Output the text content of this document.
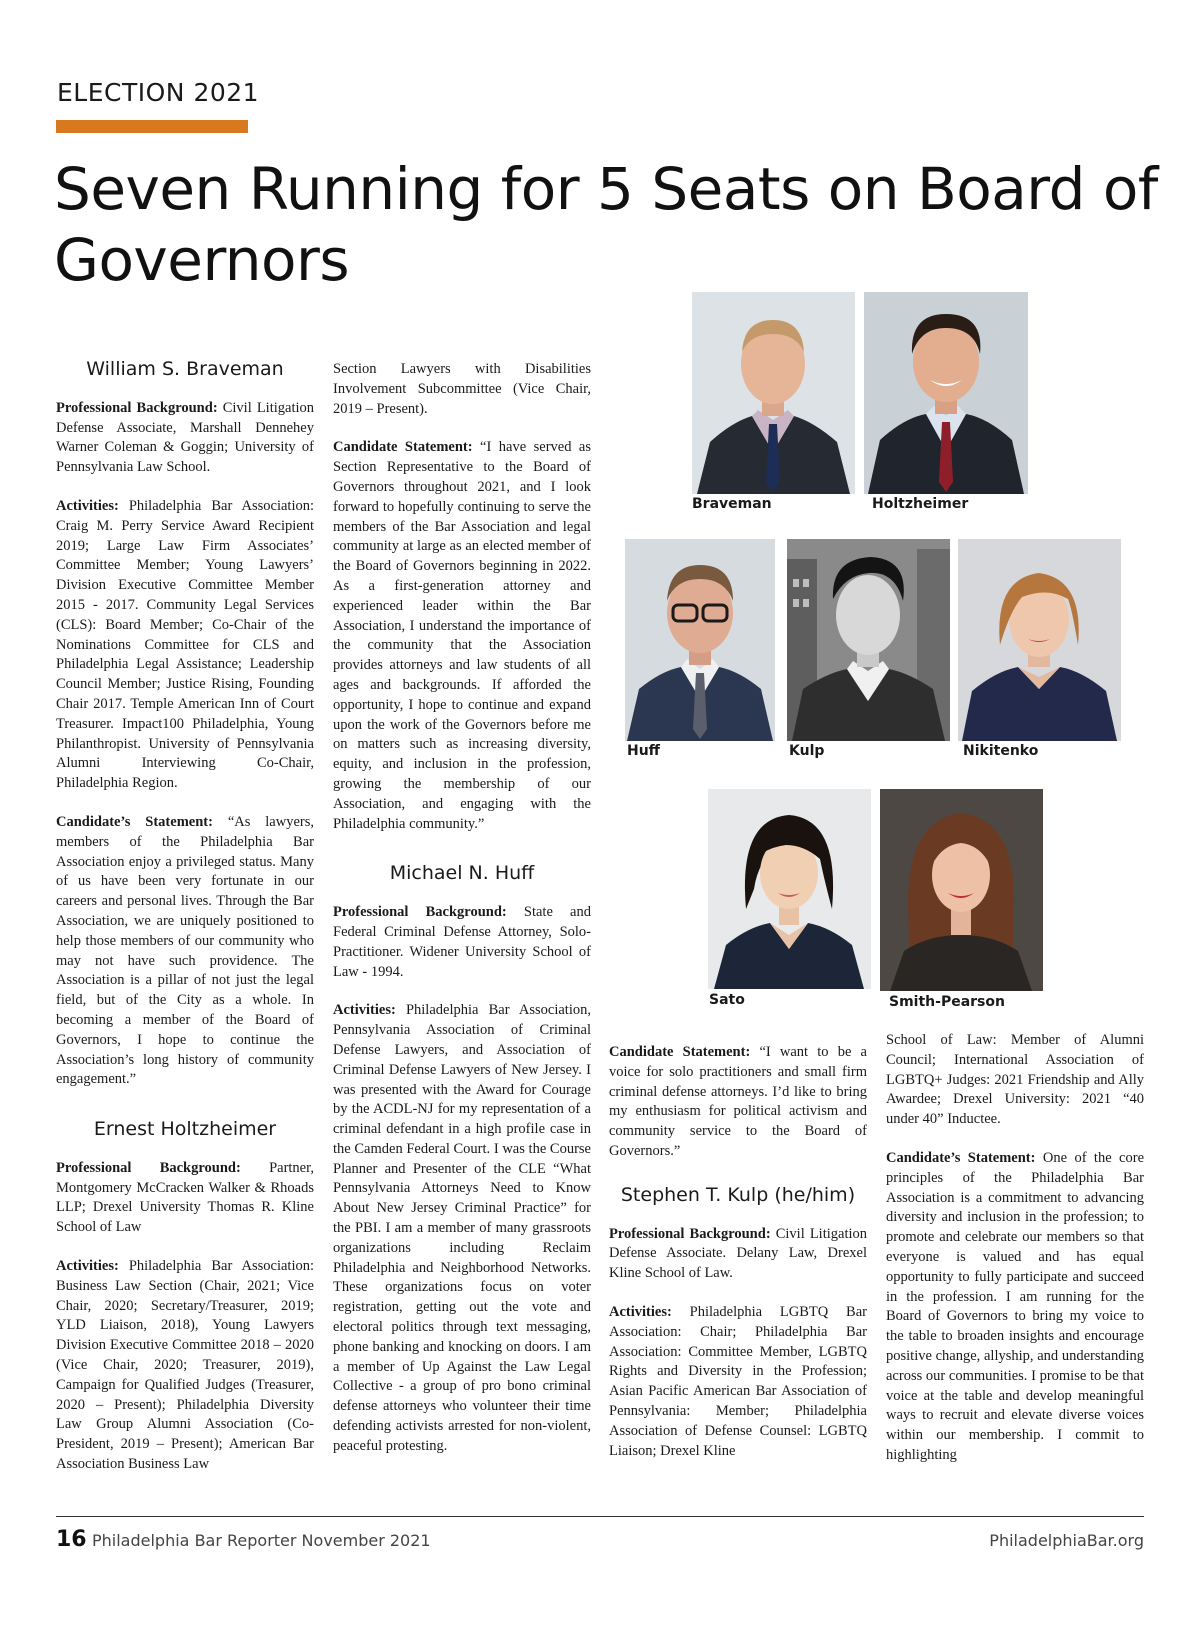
ELECTION 2021
Seven Running for 5 Seats on Board of Governors
William S. Braveman

Professional Background: Civil Litigation Defense Associate, Marshall Dennehey Warner Coleman & Goggin; University of Pennsylvania Law School.

Activities: Philadelphia Bar Association: Craig M. Perry Service Award Recipient 2019; Large Law Firm Associates’ Committee Member; Young Lawyers’ Division Executive Committee Member 2015 - 2017. Community Legal Services (CLS): Board Member; Co-Chair of the Nominations Committee for CLS and Philadelphia Legal Assistance; Leadership Council Member; Justice Rising, Founding Chair 2017. Temple American Inn of Court Treasurer. Impact100 Philadelphia, Young Philanthropist. University of Pennsylvania Alumni Interviewing Co-Chair, Philadelphia Region.

Candidate’s Statement: “As lawyers, members of the Philadelphia Bar Association enjoy a privileged status. Many of us have been very fortunate in our careers and personal lives. Through the Bar Association, we are uniquely positioned to help those members of our community who may not have such providence. The Association is a pillar of not just the legal field, but of the City as a whole. In becoming a member of the Board of Governors, I hope to continue the Association’s long history of community engagement.”

Ernest Holtzheimer

Professional Background: Partner, Montgomery McCracken Walker & Rhoads LLP; Drexel University Thomas R. Kline School of Law

Activities: Philadelphia Bar Association: Business Law Section (Chair, 2021; Vice Chair, 2020; Secretary/Treasurer, 2019; YLD Liaison, 2018), Young Lawyers Division Executive Committee 2018 – 2020 (Vice Chair, 2020; Treasurer, 2019), Campaign for Qualified Judges (Treasurer, 2020 – Present); Philadelphia Diversity Law Group Alumni Association (Co-President, 2019 – Present); American Bar Association Business Law

Section Lawyers with Disabilities Involvement Subcommittee (Vice Chair, 2019 – Present).

Candidate Statement: “I have served as Section Representative to the Board of Governors throughout 2021, and I look forward to hopefully continuing to serve the members of the Bar Association and legal community at large as an elected member of the Board of Governors beginning in 2022. As a first-generation attorney and experienced leader within the Bar Association, I understand the importance of the community that the Association provides attorneys and law students of all ages and backgrounds. If afforded the opportunity, I hope to continue and expand upon the work of the Governors before me on matters such as increasing diversity, equity, and inclusion in the profession, growing the membership of our Association, and engaging with the Philadelphia community.”

Michael N. Huff

Professional Background: State and Federal Criminal Defense Attorney, Solo-Practitioner. Widener University School of Law - 1994.

Activities: Philadelphia Bar Association, Pennsylvania Association of Criminal Defense Lawyers, and Association of Criminal Defense Lawyers of New Jersey. I was presented with the Award for Courage by the ACDL-NJ for my representation of a criminal defendant in a high profile case in the Camden Federal Court. I was the Course Planner and Presenter of the CLE “What Pennsylvania Attorneys Need to Know About New Jersey Criminal Practice” for the PBI. I am a member of many grassroots organizations including Reclaim Philadelphia and Neighborhood Networks. These organizations focus on voter registration, getting out the vote and electoral politics through text messaging, phone banking and knocking on doors. I am a member of Up Against the Law Legal Collective - a group of pro bono criminal defense attorneys who volunteer their time defending activists arrested for non-violent, peaceful protesting.

Candidate Statement: “I want to be a voice for solo practitioners and small firm criminal defense attorneys. I’d like to bring my enthusiasm for political activism and community service to the Board of Governors.”

Stephen T. Kulp (he/him)

Professional Background: Civil Litigation Defense Associate. Delany Law, Drexel Kline School of Law.

Activities: Philadelphia LGBTQ Bar Association: Chair; Philadelphia Bar Association: Committee Member, LGBTQ Rights and Diversity in the Profession; Asian Pacific American Bar Association of Pennsylvania: Member; Philadelphia Association of Defense Counsel: LGBTQ Liaison; Drexel Kline

School of Law: Member of Alumni Council; International Association of LGBTQ+ Judges: 2021 Friendship and Ally Awardee; Drexel University: 2021 “40 under 40” Inductee.

Candidate’s Statement: One of the core principles of the Philadelphia Bar Association is a commitment to advancing diversity and inclusion in the profession; to promote and celebrate our members so that everyone is valued and has equal opportunity to fully participate and succeed in the profession. I am running for the Board of Governors to bring my voice to the table to broaden insights and encourage positive change, allyship, and understanding across our communities. I promise to be that voice at the table and develop meaningful ways to recruit and elevate diverse voices within our membership. I commit to highlighting

Braveman	Holtzheimer
Huff	Kulp	Nikitenko
Sato	Smith-Pearson
16 Philadelphia Bar Reporter November 2021	PhiladelphiaBar.org
